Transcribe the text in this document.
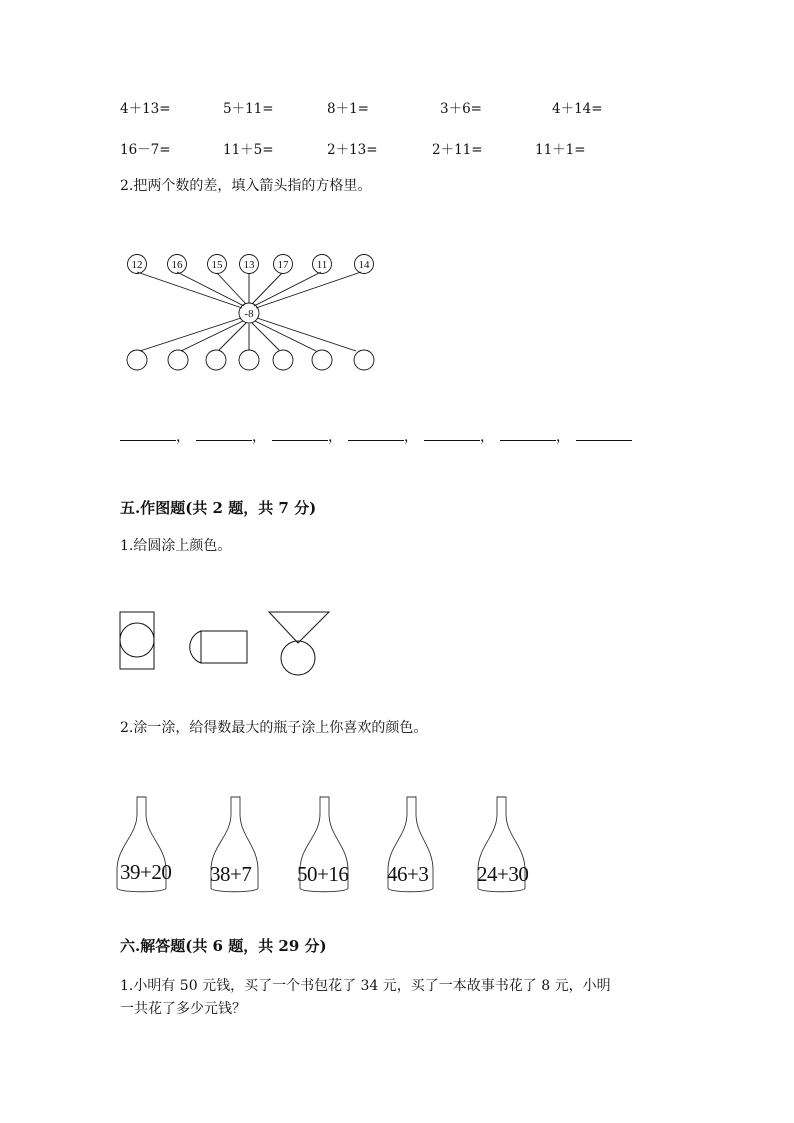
4＋13=	5＋11=	8＋1=	3＋6=	4＋14=
16－7=	11＋5=	2＋13=	2＋11=	11＋1=
2.把两个数的差，填入箭头指的方格里。
12	16	15 13 17	11	14
-8
，	，	，	，	，	，
五.作图题(共 2 题，共 7 分)
1.给圆涂上颜色。
2.涂一涂，给得数最大的瓶子涂上你喜欢的颜色。
39+20 38+7 50+16 46+3 24+30
六.解答题(共 6 题，共 29 分)
1.小明有 50 元钱，买了一个书包花了 34 元，买了一本故事书花了 8 元，小明
一共花了多少元钱？
